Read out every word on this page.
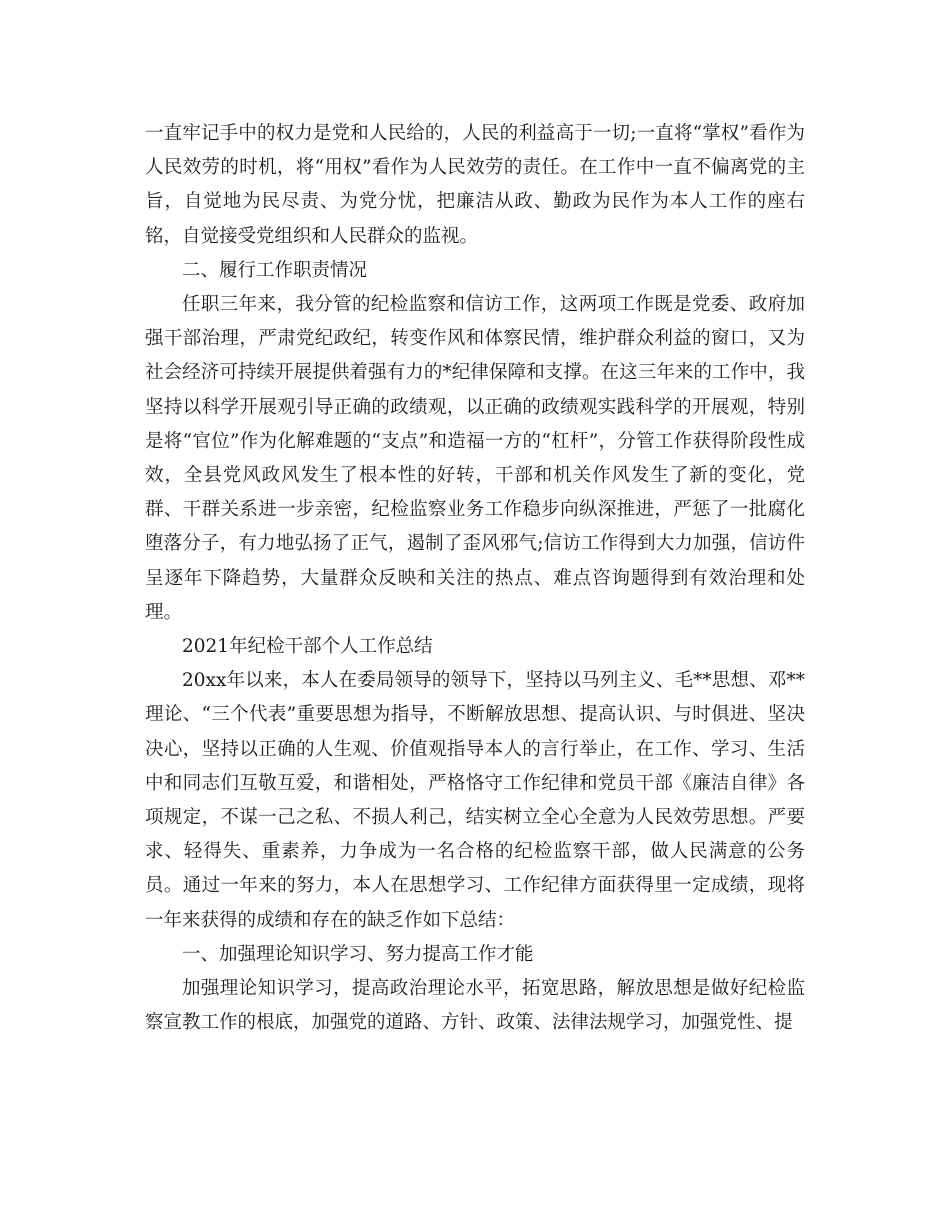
一直牢记手中的权力是党和人民给的，人民的利益高于一切;一直将“掌权”看作为人民效劳的时机，将“用权”看作为人民效劳的责任。在工作中一直不偏离党的主旨，自觉地为民尽责、为党分忧，把廉洁从政、勤政为民作为本人工作的座右铭，自觉接受党组织和人民群众的监视。

二、履行工作职责情况

任职三年来，我分管的纪检监察和信访工作，这两项工作既是党委、政府加强干部治理，严肃党纪政纪，转变作风和体察民情，维护群众利益的窗口，又为社会经济可持续开展提供着强有力的*纪律保障和支撑。在这三年来的工作中，我坚持以科学开展观引导正确的政绩观，以正确的政绩观实践科学的开展观，特别是将“官位”作为化解难题的“支点”和造福一方的“杠杆”，分管工作获得阶段性成效，全县党风政风发生了根本性的好转，干部和机关作风发生了新的变化，党群、干群关系进一步亲密，纪检监察业务工作稳步向纵深推进，严惩了一批腐化堕落分子，有力地弘扬了正气，遏制了歪风邪气;信访工作得到大力加强，信访件呈逐年下降趋势，大量群众反映和关注的热点、难点咨询题得到有效治理和处理。

2021年纪检干部个人工作总结

20xx年以来，本人在委局领导的领导下，坚持以马列主义、毛**思想、邓**理论、“三个代表”重要思想为指导，不断解放思想、提高认识、与时俱进、坚决决心，坚持以正确的人生观、价值观指导本人的言行举止，在工作、学习、生活中和同志们互敬互爱，和谐相处，严格恪守工作纪律和党员干部《廉洁自律》各项规定，不谋一己之私、不损人利己，结实树立全心全意为人民效劳思想。严要求、轻得失、重素养，力争成为一名合格的纪检监察干部，做人民满意的公务员。通过一年来的努力，本人在思想学习、工作纪律方面获得里一定成绩，现将一年来获得的成绩和存在的缺乏作如下总结：

一、加强理论知识学习、努力提高工作才能

加强理论知识学习，提高政治理论水平，拓宽思路，解放思想是做好纪检监察宣教工作的根底，加强党的道路、方针、政策、法律法规学习，加强党性、提
